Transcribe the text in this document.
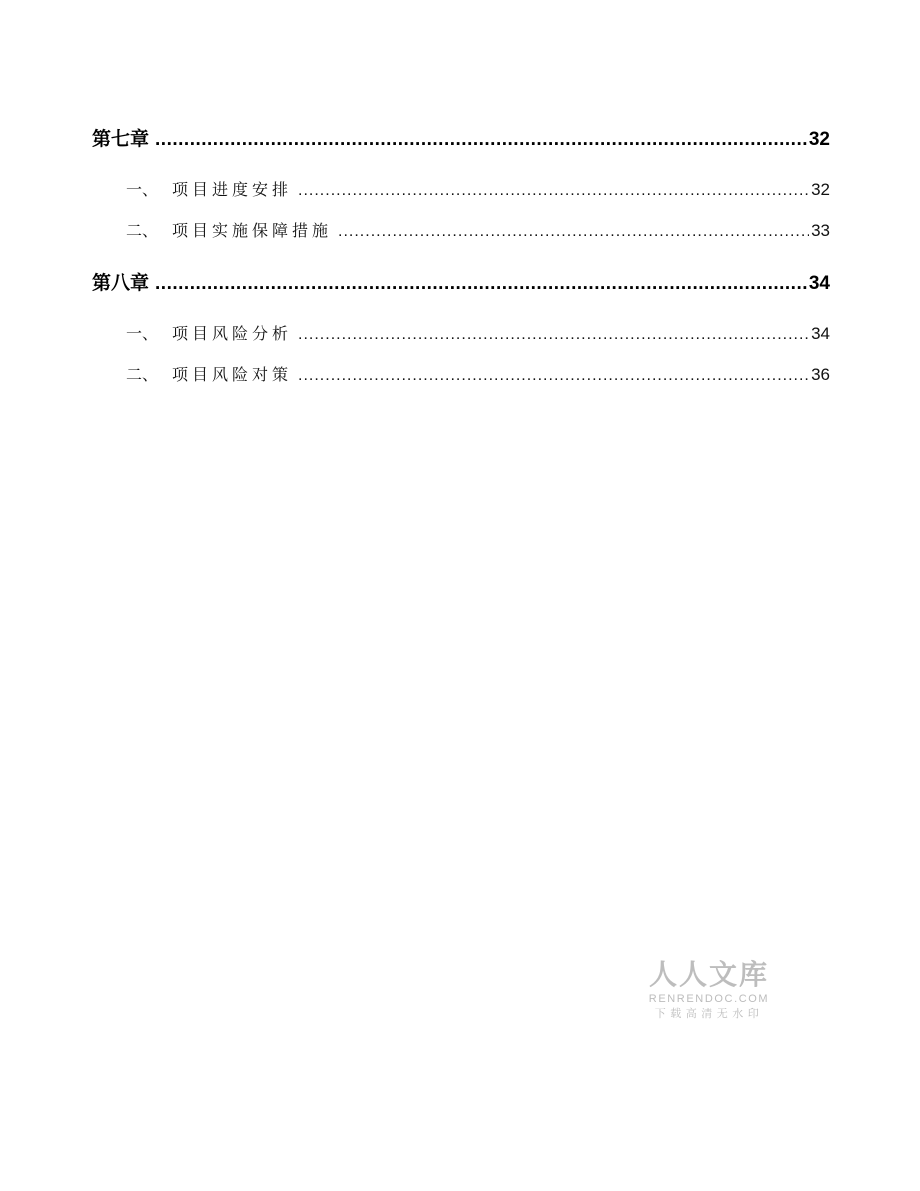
第七章 .....	32
一、 项目进度安排 .....	32
二、 项目实施保障措施 .....	33
第八章 .....	34
一、 项目风险分析 .....	34
二、 项目风险对策 .....	36
人人文库
RENRENDOC.COM
下载高清无水印
